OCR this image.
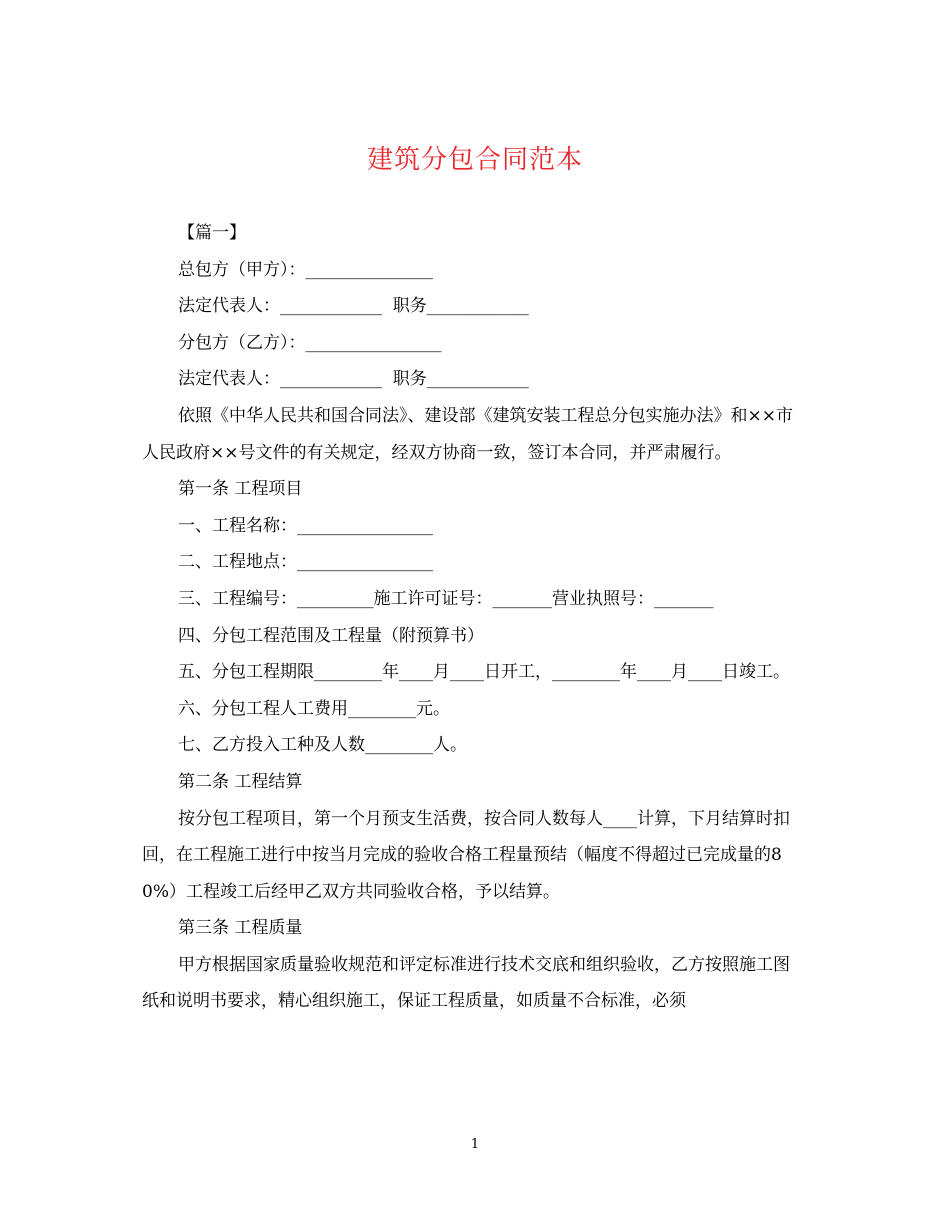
建筑分包合同范本

【篇一】

总包方（甲方）：_______________

法定代表人：____________  职务____________

分包方（乙方）：________________

法定代表人：____________  职务____________

依照《中华人民共和国合同法》、建设部《建筑安装工程总分包实施办法》和××市人民政府××号文件的有关规定，经双方协商一致，签订本合同，并严肃履行。

第一条 工程项目

一、工程名称：________________

二、工程地点：________________

三、工程编号：_________施工许可证号：_______营业执照号：_______

四、分包工程范围及工程量（附预算书）

五、分包工程期限________年____月____日开工，________年____月____日竣工。

六、分包工程人工费用________元。

七、乙方投入工种及人数________人。

第二条 工程结算

按分包工程项目，第一个月预支生活费，按合同人数每人____计算，下月结算时扣回，在工程施工进行中按当月完成的验收合格工程量预结（幅度不得超过已完成量的80%）工程竣工后经甲乙双方共同验收合格，予以结算。

第三条 工程质量

甲方根据国家质量验收规范和评定标准进行技术交底和组织验收，乙方按照施工图纸和说明书要求，精心组织施工，保证工程质量，如质量不合标准，必须

1
